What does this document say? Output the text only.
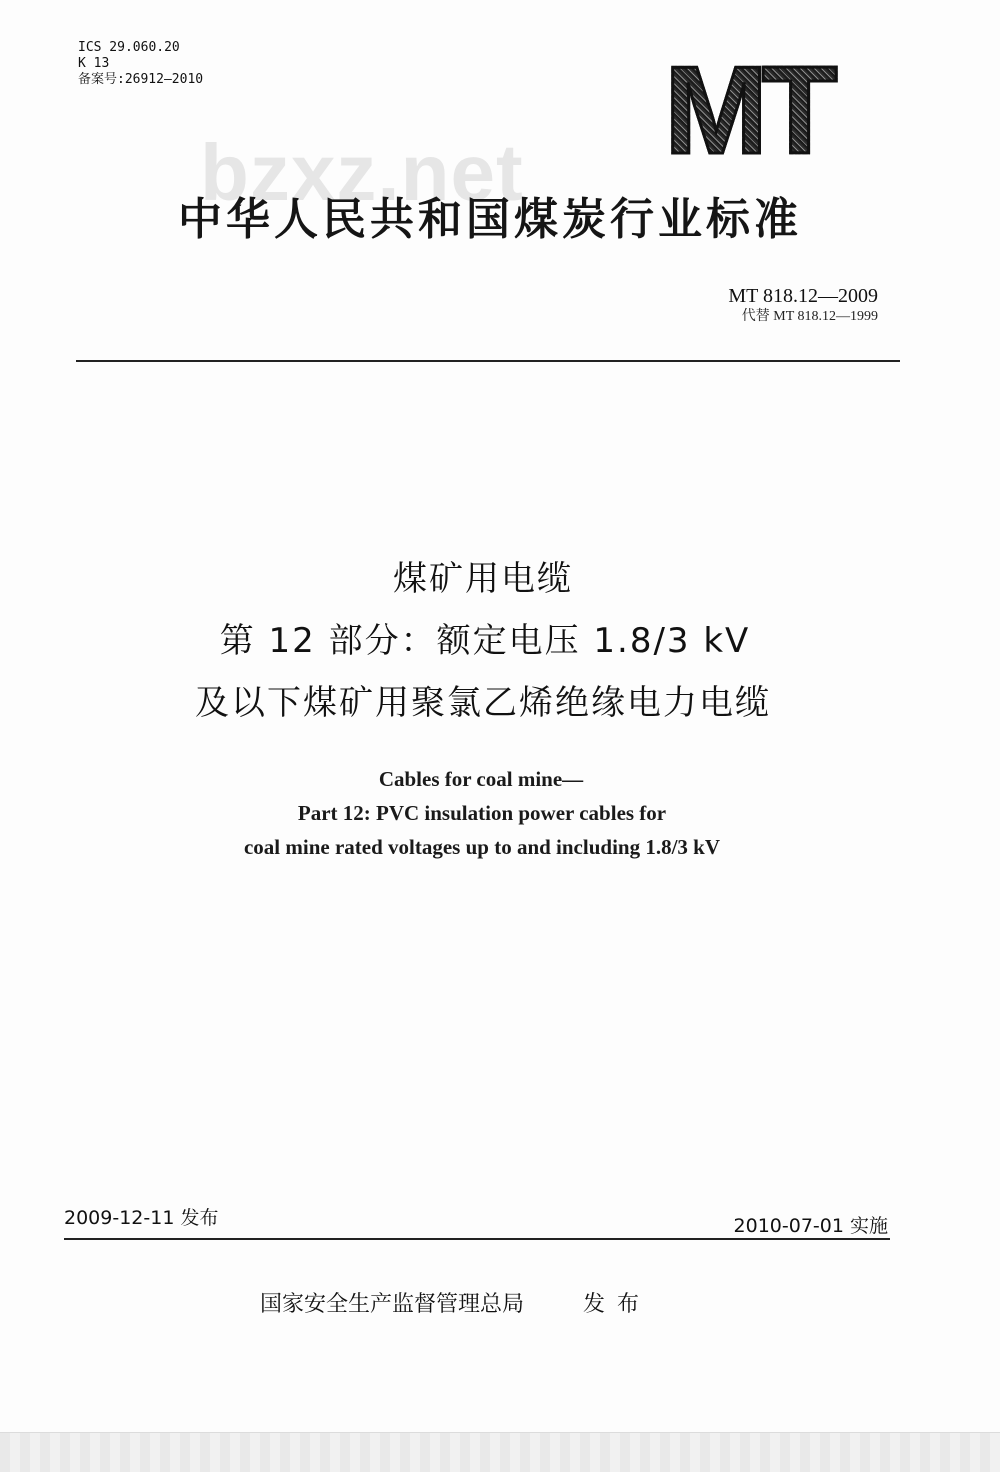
ICS 29.060.20
K 13
备案号:26912—2010	MT
bzxz.net
中华人民共和国煤炭行业标准
MT 818.12—2009
代替 MT 818.12—1999
煤矿用电缆
第 12 部分：额定电压 1.8/3 kV
及以下煤矿用聚氯乙烯绝缘电力电缆
Cables for coal mine—
Part 12: PVC insulation power cables for
coal mine rated voltages up to and including 1.8/3 kV
2009-12-11 发布	2010-07-01 实施
国家安全生产监督管理总局	发布
